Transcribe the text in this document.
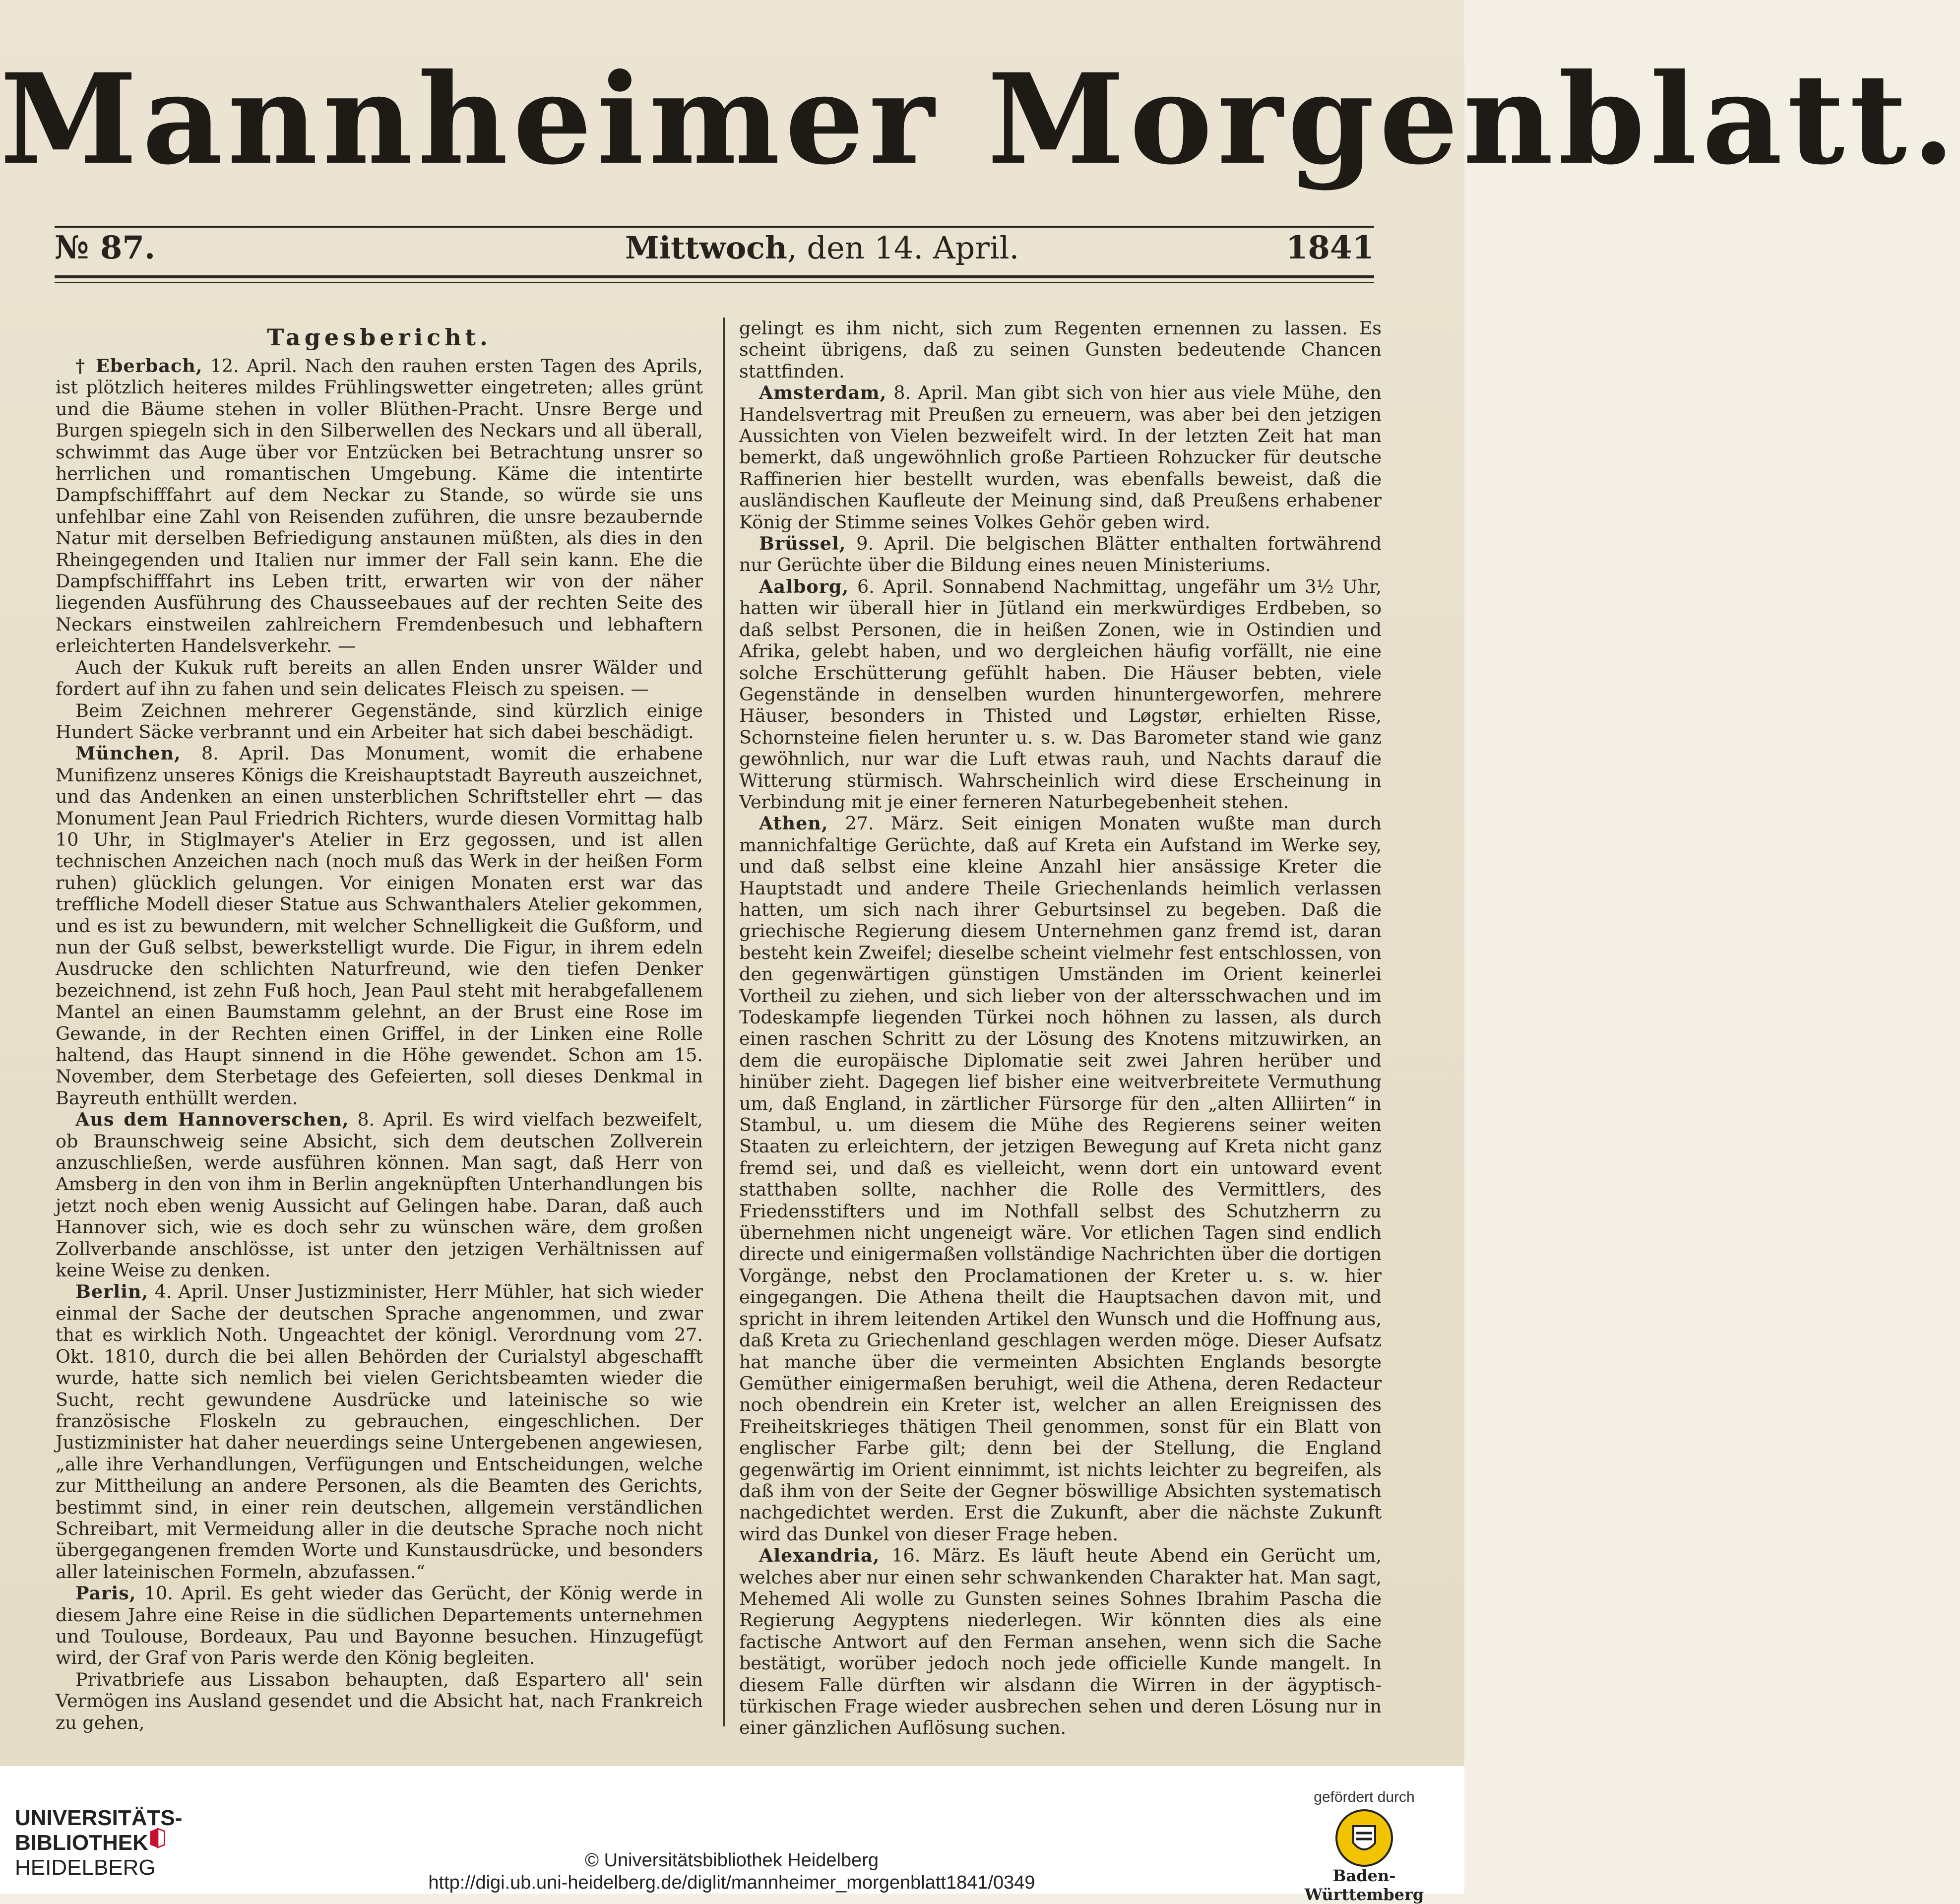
Mannheimer Morgenblatt.
№ 87.	Mittwoch, den 14. April.	1841
Tagesbericht.

† Eberbach, 12. April. Nach den rauhen ersten Tagen des Aprils, ist plötzlich heiteres mildes Frühlingswetter eingetreten; alles grünt und die Bäume stehen in voller Blüthen-Pracht. Unsre Berge und Burgen spiegeln sich in den Silberwellen des Neckars und all überall, schwimmt das Auge über vor Entzücken bei Betrachtung unsrer so herrlichen und romantischen Umgebung. Käme die intentirte Dampfschifffahrt auf dem Neckar zu Stande, so würde sie uns unfehlbar eine Zahl von Reisenden zuführen, die unsre bezaubernde Natur mit derselben Befriedigung anstaunen müßten, als dies in den Rheingegenden und Italien nur immer der Fall sein kann. Ehe die Dampfschifffahrt ins Leben tritt, erwarten wir von der näher liegenden Ausführung des Chausseebaues auf der rechten Seite des Neckars einstweilen zahlreichern Fremdenbesuch und lebhaftern erleichterten Handelsverkehr. —

Auch der Kukuk ruft bereits an allen Enden unsrer Wälder und fordert auf ihn zu fahen und sein delicates Fleisch zu speisen. —

Beim Zeichnen mehrerer Gegenstände, sind kürzlich einige Hundert Säcke verbrannt und ein Arbeiter hat sich dabei beschädigt.

München, 8. April. Das Monument, womit die erhabene Munifizenz unseres Königs die Kreishauptstadt Bayreuth auszeichnet, und das Andenken an einen unsterblichen Schriftsteller ehrt — das Monument Jean Paul Friedrich Richters, wurde diesen Vormittag halb 10 Uhr, in Stiglmayer's Atelier in Erz gegossen, und ist allen technischen Anzeichen nach (noch muß das Werk in der heißen Form ruhen) glücklich gelungen. Vor einigen Monaten erst war das treffliche Modell dieser Statue aus Schwanthalers Atelier gekommen, und es ist zu bewundern, mit welcher Schnelligkeit die Gußform, und nun der Guß selbst, bewerkstelligt wurde. Die Figur, in ihrem edeln Ausdrucke den schlichten Naturfreund, wie den tiefen Denker bezeichnend, ist zehn Fuß hoch, Jean Paul steht mit herabgefallenem Mantel an einen Baumstamm gelehnt, an der Brust eine Rose im Gewande, in der Rechten einen Griffel, in der Linken eine Rolle haltend, das Haupt sinnend in die Höhe gewendet. Schon am 15. November, dem Sterbetage des Gefeierten, soll dieses Denkmal in Bayreuth enthüllt werden.

Aus dem Hannoverschen, 8. April. Es wird vielfach bezweifelt, ob Braunschweig seine Absicht, sich dem deutschen Zollverein anzuschließen, werde ausführen können. Man sagt, daß Herr von Amsberg in den von ihm in Berlin angeknüpften Unterhandlungen bis jetzt noch eben wenig Aussicht auf Gelingen habe. Daran, daß auch Hannover sich, wie es doch sehr zu wünschen wäre, dem großen Zollverbande anschlösse, ist unter den jetzigen Verhältnissen auf keine Weise zu denken.

Berlin, 4. April. Unser Justizminister, Herr Mühler, hat sich wieder einmal der Sache der deutschen Sprache angenommen, und zwar that es wirklich Noth. Ungeachtet der königl. Verordnung vom 27. Okt. 1810, durch die bei allen Behörden der Curialstyl abgeschafft wurde, hatte sich nemlich bei vielen Gerichtsbeamten wieder die Sucht, recht gewundene Ausdrücke und lateinische so wie französische Floskeln zu gebrauchen, eingeschlichen. Der Justizminister hat daher neuerdings seine Untergebenen angewiesen, „alle ihre Verhandlungen, Verfügungen und Entscheidungen, welche zur Mittheilung an andere Personen, als die Beamten des Gerichts, bestimmt sind, in einer rein deutschen, allgemein verständlichen Schreibart, mit Vermeidung aller in die deutsche Sprache noch nicht übergegangenen fremden Worte und Kunstausdrücke, und besonders aller lateinischen Formeln, abzufassen.“

Paris, 10. April. Es geht wieder das Gerücht, der König werde in diesem Jahre eine Reise in die südlichen Departements unternehmen und Toulouse, Bordeaux, Pau und Bayonne besuchen. Hinzugefügt wird, der Graf von Paris werde den König begleiten.

Privatbriefe aus Lissabon behaupten, daß Espartero all' sein Vermögen ins Ausland gesendet und die Absicht hat, nach Frankreich zu gehen,

gelingt es ihm nicht, sich zum Regenten ernennen zu lassen. Es scheint übrigens, daß zu seinen Gunsten bedeutende Chancen stattfinden.

Amsterdam, 8. April. Man gibt sich von hier aus viele Mühe, den Handelsvertrag mit Preußen zu erneuern, was aber bei den jetzigen Aussichten von Vielen bezweifelt wird. In der letzten Zeit hat man bemerkt, daß ungewöhnlich große Partieen Rohzucker für deutsche Raffinerien hier bestellt wurden, was ebenfalls beweist, daß die ausländischen Kaufleute der Meinung sind, daß Preußens erhabener König der Stimme seines Volkes Gehör geben wird.

Brüssel, 9. April. Die belgischen Blätter enthalten fortwährend nur Gerüchte über die Bildung eines neuen Ministeriums.

Aalborg, 6. April. Sonnabend Nachmittag, ungefähr um 3½ Uhr, hatten wir überall hier in Jütland ein merkwürdiges Erdbeben, so daß selbst Personen, die in heißen Zonen, wie in Ostindien und Afrika, gelebt haben, und wo dergleichen häufig vorfällt, nie eine solche Erschütterung gefühlt haben. Die Häuser bebten, viele Gegenstände in denselben wurden hinuntergeworfen, mehrere Häuser, besonders in Thisted und Løgstør, erhielten Risse, Schornsteine fielen herunter u. s. w. Das Barometer stand wie ganz gewöhnlich, nur war die Luft etwas rauh, und Nachts darauf die Witterung stürmisch. Wahrscheinlich wird diese Erscheinung in Verbindung mit je einer ferneren Naturbegebenheit stehen.

Athen, 27. März. Seit einigen Monaten wußte man durch mannichfaltige Gerüchte, daß auf Kreta ein Aufstand im Werke sey, und daß selbst eine kleine Anzahl hier ansässige Kreter die Hauptstadt und andere Theile Griechenlands heimlich verlassen hatten, um sich nach ihrer Geburtsinsel zu begeben. Daß die griechische Regierung diesem Unternehmen ganz fremd ist, daran besteht kein Zweifel; dieselbe scheint vielmehr fest entschlossen, von den gegenwärtigen günstigen Umständen im Orient keinerlei Vortheil zu ziehen, und sich lieber von der altersschwachen und im Todeskampfe liegenden Türkei noch höhnen zu lassen, als durch einen raschen Schritt zu der Lösung des Knotens mitzuwirken, an dem die europäische Diplomatie seit zwei Jahren herüber und hinüber zieht. Dagegen lief bisher eine weitverbreitete Vermuthung um, daß England, in zärtlicher Fürsorge für den „alten Alliirten“ in Stambul, u. um diesem die Mühe des Regierens seiner weiten Staaten zu erleichtern, der jetzigen Bewegung auf Kreta nicht ganz fremd sei, und daß es vielleicht, wenn dort ein untoward event statthaben sollte, nachher die Rolle des Vermittlers, des Friedensstifters und im Nothfall selbst des Schutzherrn zu übernehmen nicht ungeneigt wäre. Vor etlichen Tagen sind endlich directe und einigermaßen vollständige Nachrichten über die dortigen Vorgänge, nebst den Proclamationen der Kreter u. s. w. hier eingegangen. Die Athena theilt die Hauptsachen davon mit, und spricht in ihrem leitenden Artikel den Wunsch und die Hoffnung aus, daß Kreta zu Griechenland geschlagen werden möge. Dieser Aufsatz hat manche über die vermeinten Absichten Englands besorgte Gemüther einigermaßen beruhigt, weil die Athena, deren Redacteur noch obendrein ein Kreter ist, welcher an allen Ereignissen des Freiheitskrieges thätigen Theil genommen, sonst für ein Blatt von englischer Farbe gilt; denn bei der Stellung, die England gegenwärtig im Orient einnimmt, ist nichts leichter zu begreifen, als daß ihm von der Seite der Gegner böswillige Absichten systematisch nachgedichtet werden. Erst die Zukunft, aber die nächste Zukunft wird das Dunkel von dieser Frage heben.

Alexandria, 16. März. Es läuft heute Abend ein Gerücht um, welches aber nur einen sehr schwankenden Charakter hat. Man sagt, Mehemed Ali wolle zu Gunsten seines Sohnes Ibrahim Pascha die Regierung Aegyptens niederlegen. Wir könnten dies als eine factische Antwort auf den Ferman ansehen, wenn sich die Sache bestätigt, worüber jedoch noch jede officielle Kunde mangelt. In diesem Falle dürften wir alsdann die Wirren in der ägyptisch-türkischen Frage wieder ausbrechen sehen und deren Lösung nur in einer gänzlichen Auflösung suchen.

UNIVERSITÄTS-
BIBLIOTHEK
HEIDELBERG	© Universitätsbibliothek Heidelberg
http://digi.ub.uni-heidelberg.de/diglit/mannheimer_morgenblatt1841/0349
gefördert durch
Baden-Württemberg
